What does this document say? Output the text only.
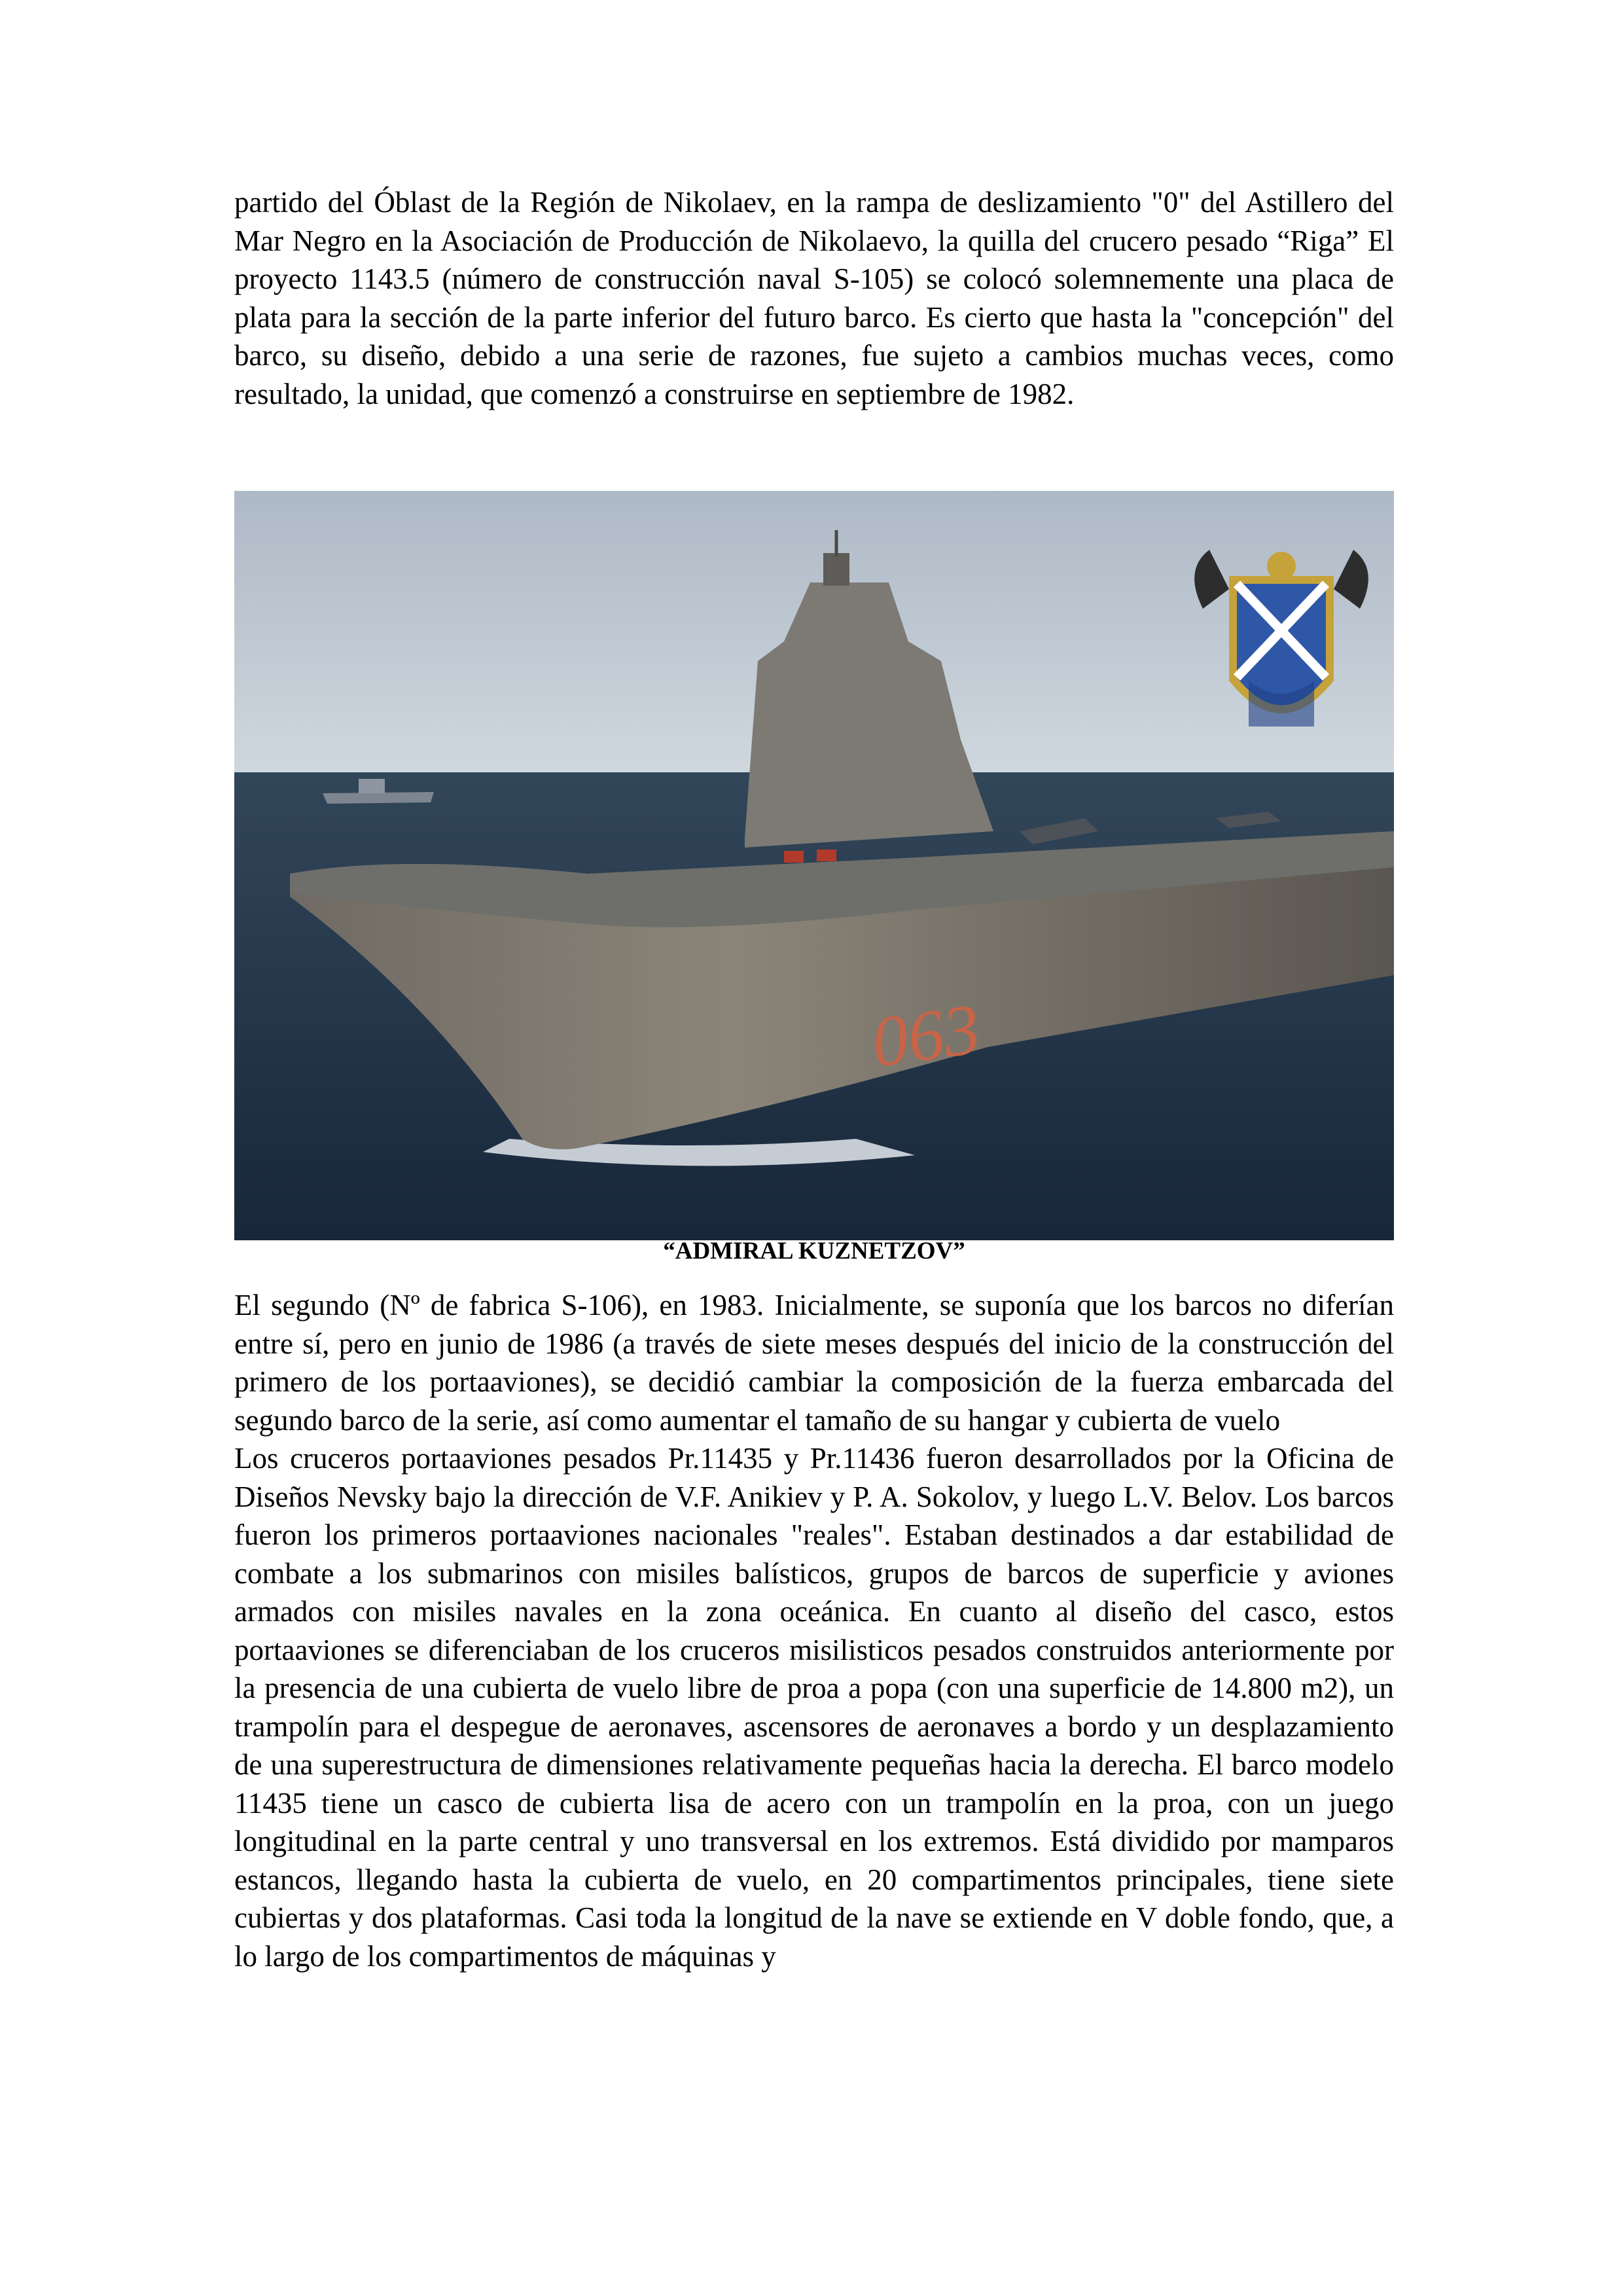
partido del Óblast de la Región de Nikolaev, en la rampa de deslizamiento "0" del Astillero del Mar Negro en la Asociación de Producción de Nikolaevo, la quilla del crucero pesado “Riga” El proyecto 1143.5 (número de construcción naval S-105) se colocó solemnemente una placa de plata para la sección de la parte inferior del futuro barco. Es cierto que hasta la "concepción" del barco, su diseño, debido a una serie de razones, fue sujeto a cambios muchas veces, como resultado, la unidad, que comenzó a construirse en septiembre de 1982.

063
“ADMIRAL KUZNETZOV”

El segundo (Nº de fabrica S-106), en 1983. Inicialmente, se suponía que los barcos no diferían entre sí, pero en junio de 1986 (a través de siete meses después del inicio de la construcción del primero de los portaaviones), se decidió cambiar la composición de la fuerza embarcada del segundo barco de la serie, así como aumentar el tamaño de su hangar y cubierta de vuelo

Los cruceros portaaviones pesados Pr.11435 y Pr.11436 fueron desarrollados por la Oficina de Diseños Nevsky bajo la dirección de V.F. Anikiev y P. A. Sokolov, y luego L.V. Belov. Los barcos fueron los primeros portaaviones nacionales "reales". Estaban destinados a dar estabilidad de combate a los submarinos con misiles balísticos, grupos de barcos de superficie y aviones armados con misiles navales en la zona oceánica. En cuanto al diseño del casco, estos portaaviones se diferenciaban de los cruceros misilisticos pesados construidos anteriormente por la presencia de una cubierta de vuelo libre de proa a popa (con una superficie de 14.800 m2), un trampolín para el despegue de aeronaves, ascensores de aeronaves a bordo y un desplazamiento de una superestructura de dimensiones relativamente pequeñas hacia la derecha. El barco modelo 11435 tiene un casco de cubierta lisa de acero con un trampolín en la proa, con un juego longitudinal en la parte central y uno transversal en los extremos. Está dividido por mamparos estancos, llegando hasta la cubierta de vuelo, en 20 compartimentos principales, tiene siete cubiertas y dos plataformas. Casi toda la longitud de la nave se extiende en V doble fondo, que, a lo largo de los compartimentos de máquinas y
